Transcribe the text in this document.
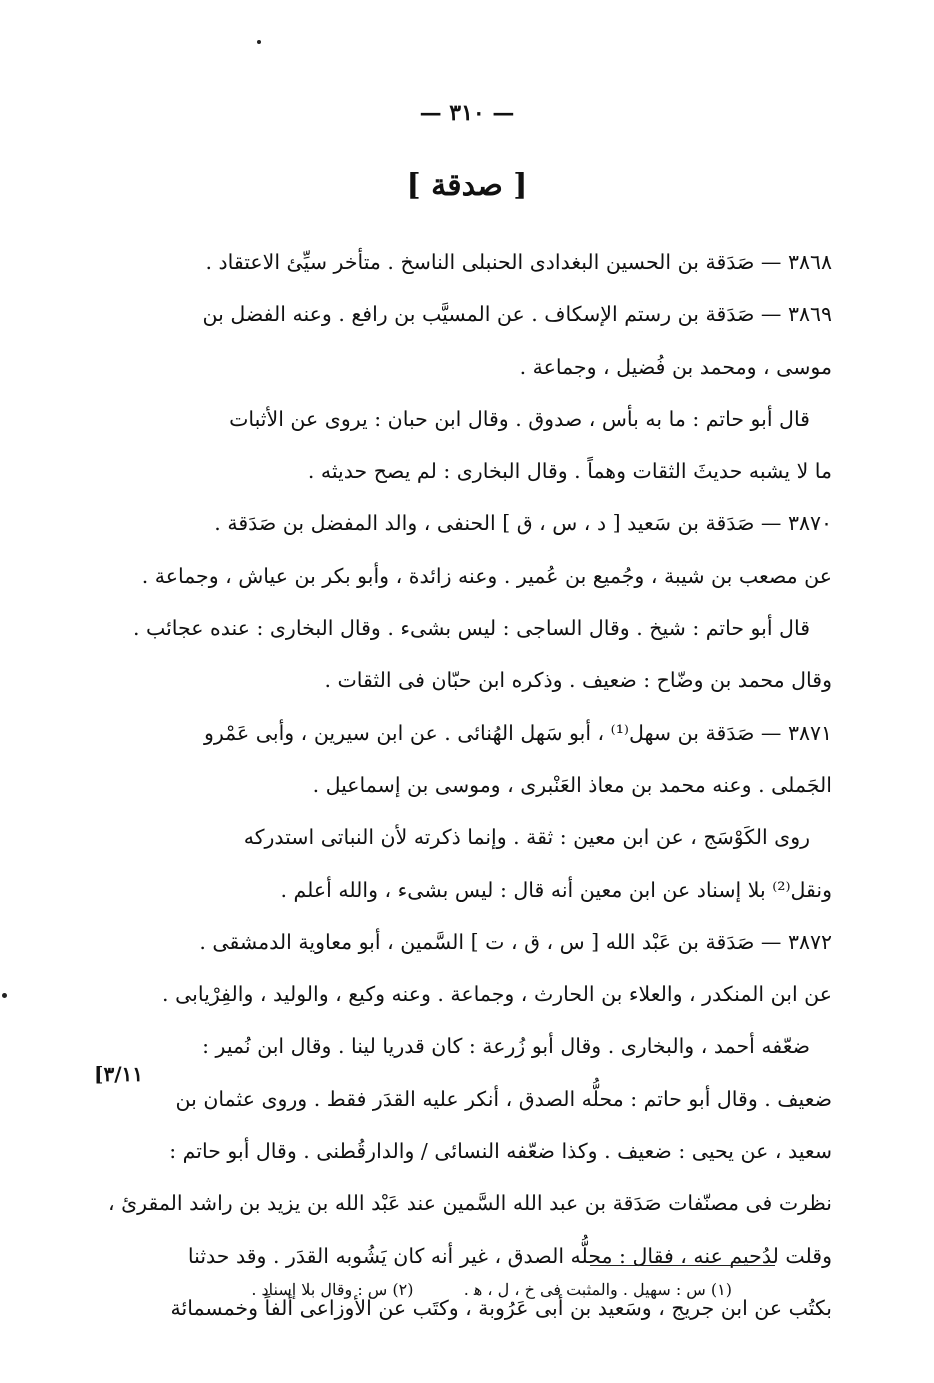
— ٣١٠ —
[ صدقة ]
٣٨٦٨ — صَدَقة بن الحسين البغدادى الحنبلى الناسخ . متأخر سيِّئ الاعتقاد .
٣٨٦٩ — صَدَقة بن رستم الإسكاف . عن المسيَّب بن رافع . وعنه الفضل بن
موسى ، ومحمد بن فُضيل ، وجماعة .
قال أبو حاتم : ما به بأس ، صدوق . وقال ابن حبان : يروى عن الأثبات
ما لا يشبه حديثَ الثقات وهماً . وقال البخارى : لم يصح حديثه .
٣٨٧٠ — صَدَقة بن سَعيد [ د ، س ، ق ] الحنفى ، والد المفضل بن صَدَقة .
عن مصعب بن شيبة ، وجُميع بن عُمير . وعنه زائدة ، وأبو بكر بن عياش ، وجماعة .
قال أبو حاتم : شيخ . وقال الساجى : ليس بشىء . وقال البخارى : عنده عجائب .
وقال محمد بن وضّاح : ضعيف . وذكره ابن حبّان فى الثقات .
٣٨٧١ — صَدَقة بن سهل⁽¹⁾ ، أبو سَهل الهُنائى . عن ابن سيرين ، وأبى عَمْرو
الجَملى . وعنه محمد بن معاذ العَنْبرى ، وموسى بن إسماعيل .
روى الكَوْسَج ، عن ابن معين : ثقة . وإنما ذكرته لأن النباتى استدركه
ونقل⁽²⁾ بلا إسناد عن ابن معين أنه قال : ليس بشىء ، والله أعلم .
٣٨٧٢ — صَدَقة بن عَبْد الله [ س ، ق ، ت ] السَّمين ، أبو معاوية الدمشقى .
عن ابن المنكدر ، والعلاء بن الحارث ، وجماعة . وعنه وكيع ، والوليد ، والفِرْيابى .
ضعّفه أحمد ، والبخارى . وقال أبو زُرعة : كان قدريا لينا . وقال ابن نُمير :
ضعيف . وقال أبو حاتم : محلُّه الصدق ، أنكر عليه القدَر فقط . وروى عثمان بن
سعيد ، عن يحيى : ضعيف . وكذا ضعّفه النسائى / والدارقُطنى . وقال أبو حاتم :
نظرت فى مصنّفات صَدَقة بن عبد الله السَّمين عند عَبْد الله بن يزيد بن راشد المقرئ ،
وقلت لدُحيم عنه ، فقال : محلُّه الصدق ، غير أنه كان يَشُوبه القدَر . وقد حدثنا
بكتُب عن ابن جريج ، وسَعيد بن أبى عَرُوبة ، وكتَب عن الأوزاعى ألفاً وخمسمائة
[٣/١١
(١) س : سهيل . والمثبت فى خ ، ل ، ﻫ .  (٢) س : وقال بلا إسناد .
